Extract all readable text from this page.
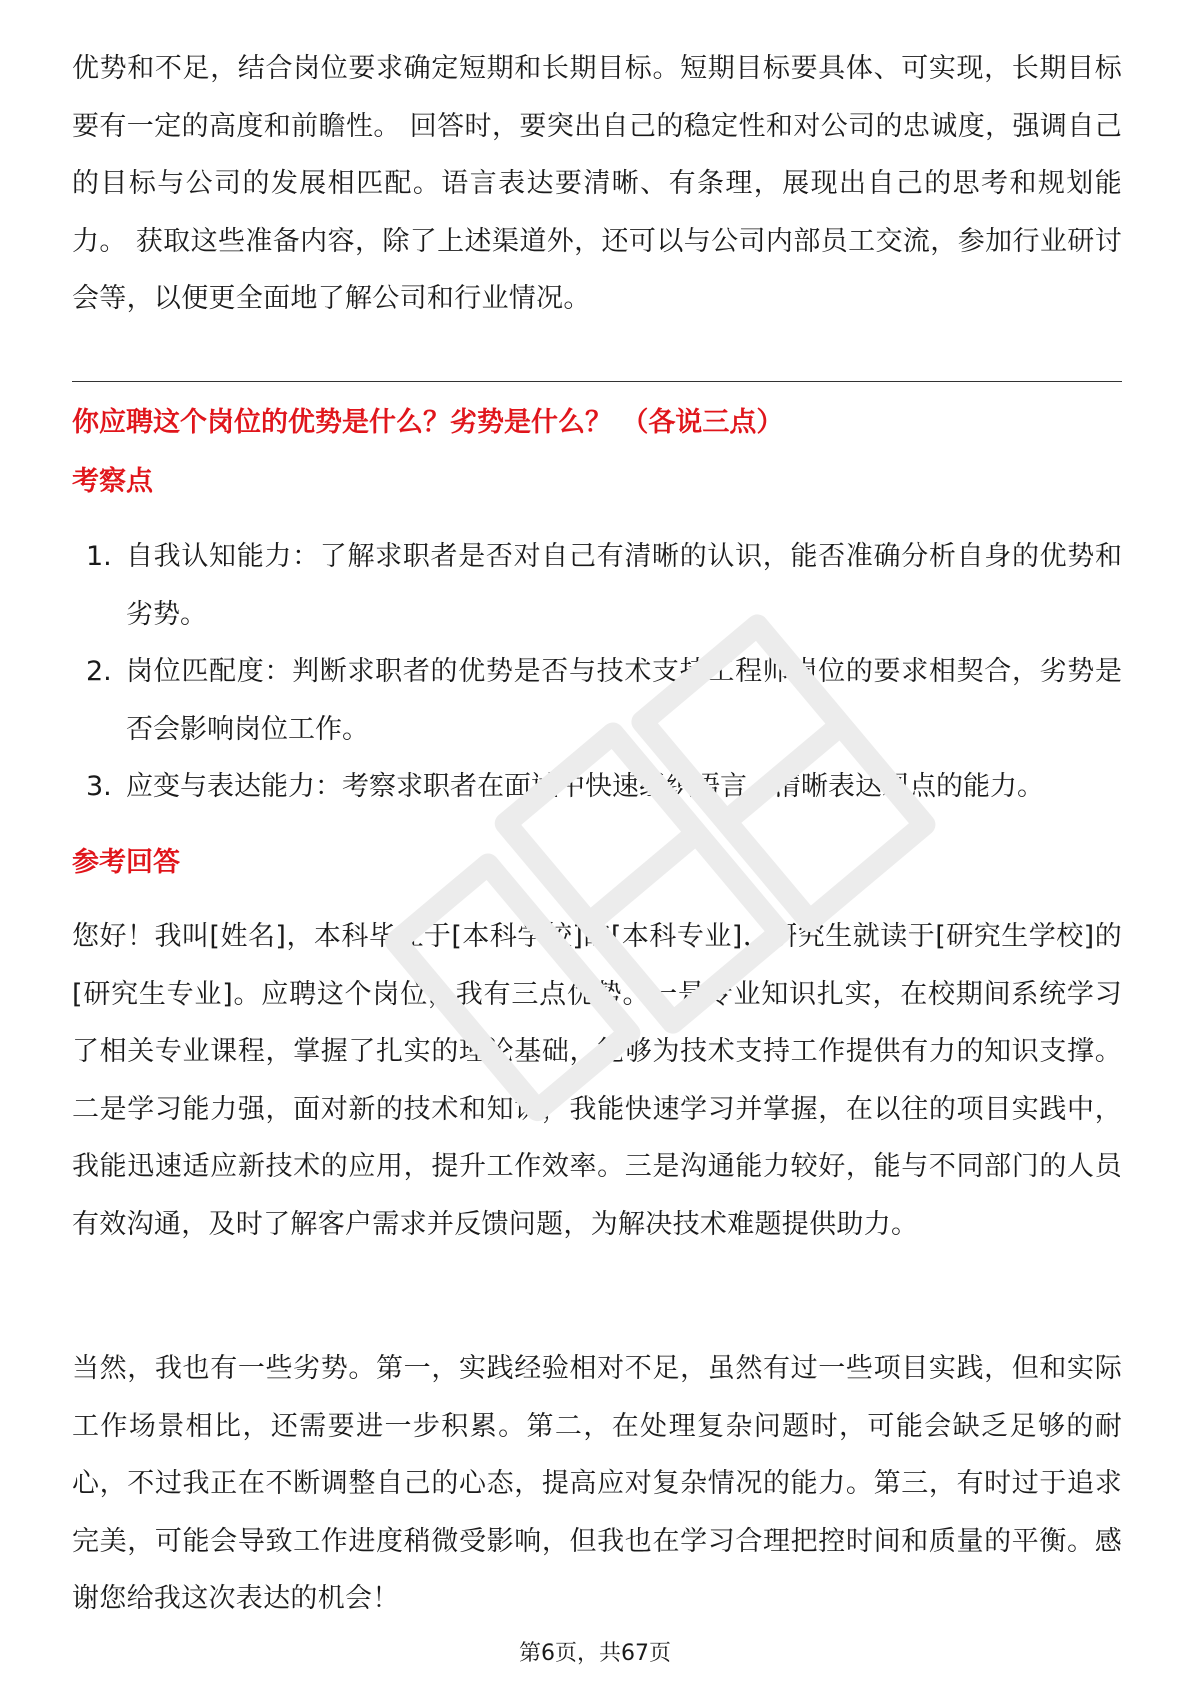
优势和不足，结合岗位要求确定短期和长期目标。短期目标要具体、可实现，长期目标要有一定的高度和前瞻性。 回答时，要突出自己的稳定性和对公司的忠诚度，强调自己的目标与公司的发展相匹配。语言表达要清晰、有条理，展现出自己的思考和规划能力。 获取这些准备内容，除了上述渠道外，还可以与公司内部员工交流，参加行业研讨会等，以便更全面地了解公司和行业情况。

你应聘这个岗位的优势是什么？劣势是什么？ （各说三点）

考察点

1. 自我认知能力：了解求职者是否对自己有清晰的认识，能否准确分析自身的优势和劣势。
2. 岗位匹配度：判断求职者的优势是否与技术支持工程师岗位的要求相契合，劣势是否会影响岗位工作。
3. 应变与表达能力：考察求职者在面试中快速组织语言、清晰表达观点的能力。

参考回答

您好！我叫[姓名]，本科毕业于[本科学校]的[本科专业]，研究生就读于[研究生学校]的[研究生专业]。应聘这个岗位，我有三点优势。一是专业知识扎实，在校期间系统学习了相关专业课程，掌握了扎实的理论基础，能够为技术支持工作提供有力的知识支撑。二是学习能力强，面对新的技术和知识，我能快速学习并掌握，在以往的项目实践中，我能迅速适应新技术的应用，提升工作效率。三是沟通能力较好，能与不同部门的人员有效沟通，及时了解客户需求并反馈问题，为解决技术难题提供助力。

当然，我也有一些劣势。第一，实践经验相对不足，虽然有过一些项目实践，但和实际工作场景相比，还需要进一步积累。第二，在处理复杂问题时，可能会缺乏足够的耐心，不过我正在不断调整自己的心态，提高应对复杂情况的能力。第三，有时过于追求完美，可能会导致工作进度稍微受影响，但我也在学习合理把控时间和质量的平衡。感谢您给我这次表达的机会！

第6页，共67页
